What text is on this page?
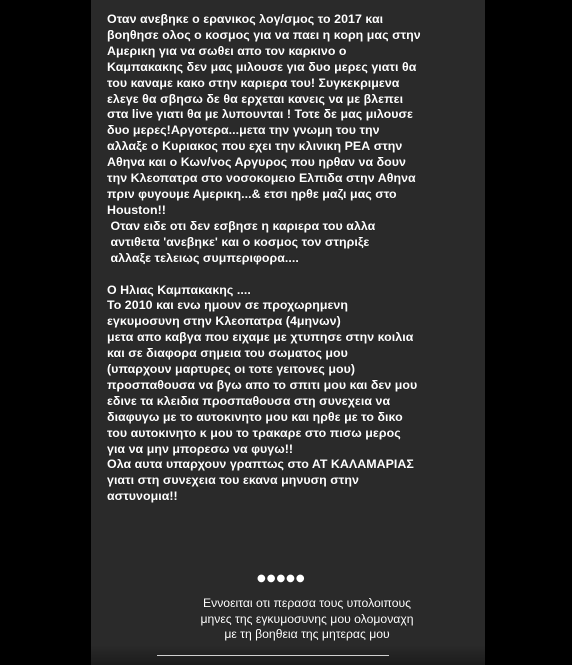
Οταν ανεβηκε ο ερανικος λογ/σμος το 2017 και
βοηθησε ολος ο κοσμος για να παει η κορη μας στην
Αμερικη για να σωθει απο τον καρκινο ο
Καμπακακης δεν μας μιλουσε για δυο μερες γιατι θα
του καναμε κακο στην καριερα του! Συγκεκριμενα
ελεγε θα σβησω δε θα ερχεται κανεις να με βλεπει
στα live γιατι θα με λυπουνται ! Τοτε δε μας μιλουσε
δυο μερες!Αργοτερα...μετα την γνωμη του την
αλλαξε ο Κυριακος που εχει την κλινικη ΡΕΑ στην
Αθηνα και ο Κων/νος Αργυρος που ηρθαν να δουν
την Κλεοπατρα στο νοσοκομειο Ελπιδα στην Αθηνα
πριν φυγουμε Αμερικη...& ετσι ηρθε μαζι μας στο
Houston!!
Οταν ειδε οτι δεν εσβησε η καριερα του αλλα
αντιθετα 'ανεβηκε' και ο κοσμος τον στηριξε
αλλαξε τελειως συμπεριφορα....
Ο Ηλιας Καμπακακης ....
Το 2010 και ενω ημουν σε προχωρημενη
εγκυμοσυνη στην Κλεοπατρα (4μηνων)
μετα απο καβγα που ειχαμε με χτυπησε στην κοιλια
και σε διαφορα σημεια του σωματος μου
(υπαρχουν μαρτυρες οι τοτε γειτονες μου)
προσπαθουσα να βγω απο το σπιτι μου και δεν μου
εδινε τα κλειδια προσπαθουσα στη συνεχεια να
διαφυγω με το αυτοκινητο μου και ηρθε με το δικο
του αυτοκινητο κ μου το τρακαρε στο πισω μερος
για να μην μπορεσω να φυγω!!
Ολα αυτα υπαρχουν γραπτως στο ΑΤ ΚΑΛΑΜΑΡΙΑΣ
γιατι στη συνεχεια του εκανα μηνυση στην
αστυνομια!!
●●●●●
Εννοειται οτι περασα τους υπολοιπους
μηνες της εγκυμοσυνης μου ολομοναχη
με τη βοηθεια της μητερας μου
